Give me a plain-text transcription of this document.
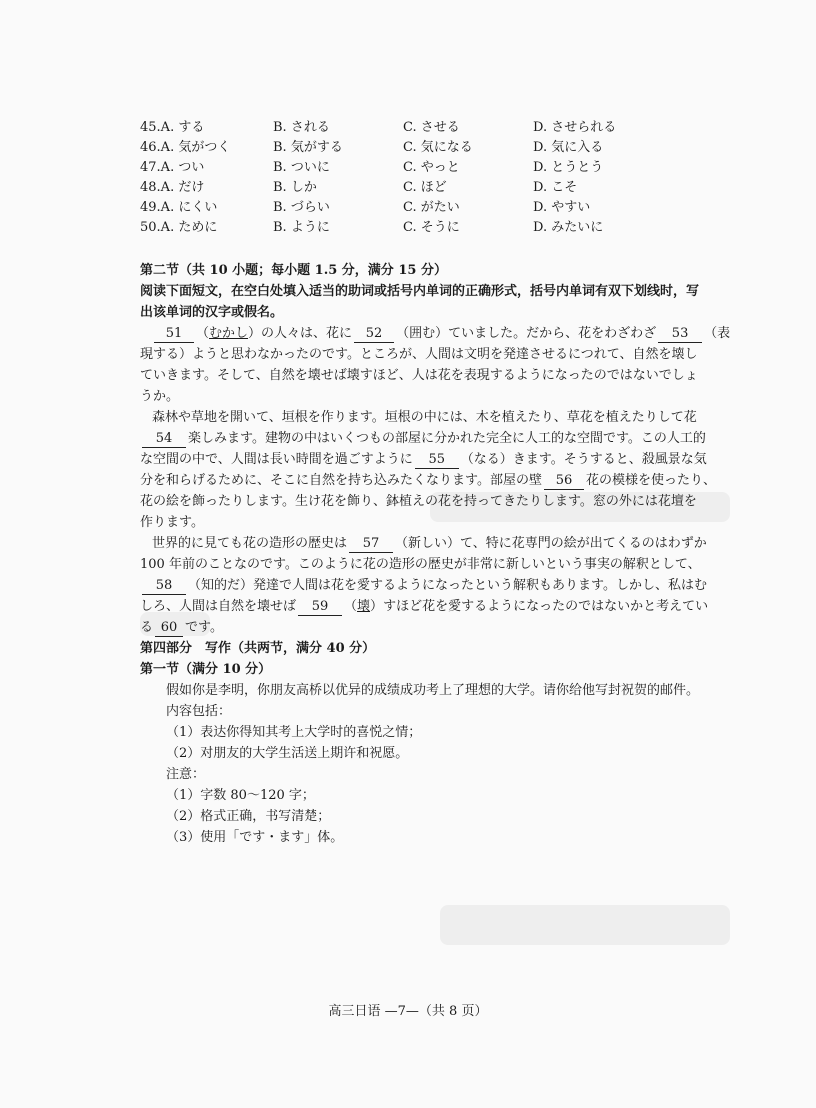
45.A. する	B. される	C. させる	D. させられる
46.A. 気がつく	B. 気がする	C. 気になる	D. 気に入る
47.A. つい	B. ついに	C. やっと	D. とうとう
48.A. だけ	B. しか	C. ほど	D. こそ
49.A. にくい	B. づらい	C. がたい	D. やすい
50.A. ために	B. ように	C. そうに	D. みたいに
第二节（共 10 小题；每小题 1.5 分，满分 15 分）
阅读下面短文，在空白处填入适当的助词或括号内单词的正确形式，括号内单词有双下划线时，写
出该单词的汉字或假名。
51 （むかし）の人々は、花に 52 （囲む）ていました。だから、花をわざわざ 53 （表
現する）ようと思わなかったのです。ところが、人間は文明を発達させるにつれて、自然を壊し
ていきます。そして、自然を壊せば壊すほど、人は花を表現するようになったのではないでしょ
うか。
森林や草地を開いて、垣根を作ります。垣根の中には、木を植えたり、草花を植えたりして花
54 楽しみます。建物の中はいくつもの部屋に分かれた完全に人工的な空間です。この人工的
な空間の中で、人間は長い時間を過ごすように 55 （なる）きます。そうすると、殺風景な気
分を和らげるために、そこに自然を持ち込みたくなります。部屋の壁 56 花の模様を使ったり、
花の絵を飾ったりします。生け花を飾り、鉢植えの花を持ってきたりします。窓の外には花壇を
作ります。
世界的に見ても花の造形の歴史は 57 （新しい）て、特に花専門の絵が出てくるのはわずか
100 年前のことなのです。このように花の造形の歴史が非常に新しいという事実の解釈として、
58 （知的だ）発達で人間は花を愛するようになったという解釈もあります。しかし、私はむ
しろ、人間は自然を壊せば 59 （壊）すほど花を愛するようになったのではないかと考えてい
る 60 です。
第四部分　写作（共两节，满分 40 分）
第一节（满分 10 分）
假如你是李明，你朋友高桥以优异的成绩成功考上了理想的大学。请你给他写封祝贺的邮件。
内容包括：
（1）表达你得知其考上大学时的喜悦之情；
（2）对朋友的大学生活送上期许和祝愿。
注意：
（1）字数 80～120 字；
（2）格式正确，书写清楚；
（3）使用「です・ます」体。
高三日语 —7—（共 8 页）
